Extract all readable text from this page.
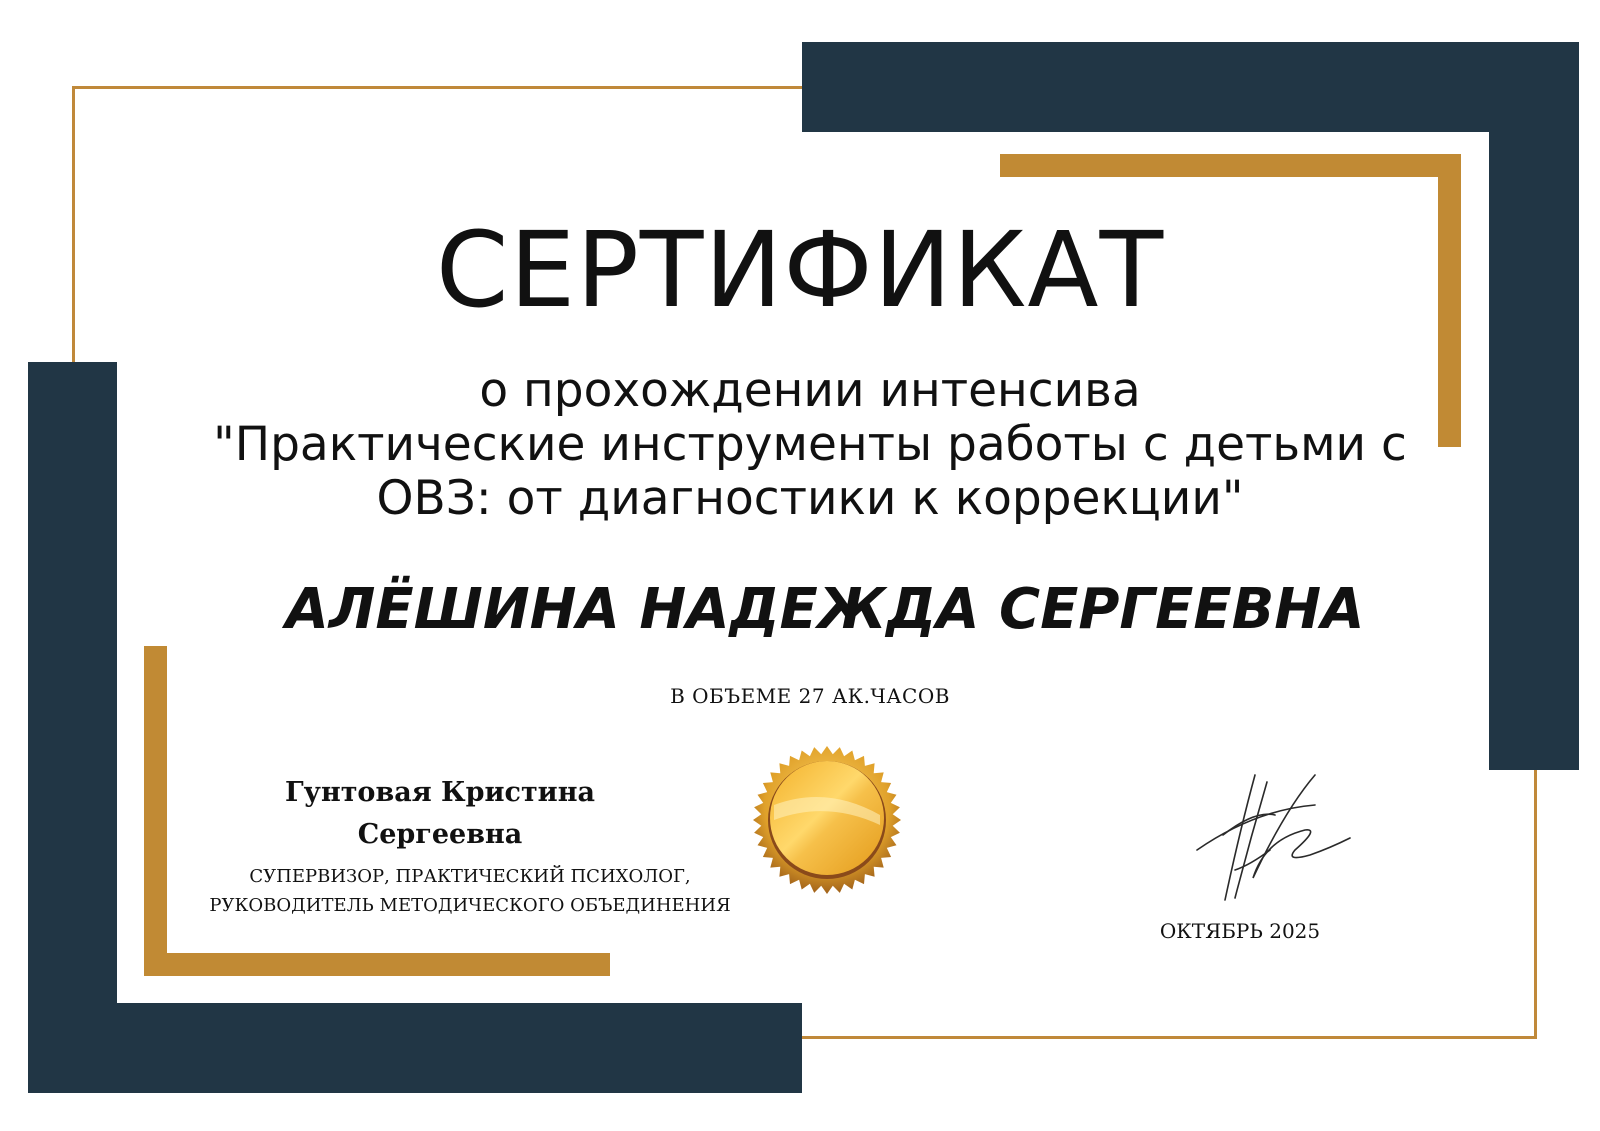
СЕРТИФИКАТ
о прохождении интенсива
"Практические инструменты работы с детьми с
ОВЗ: от диагностики к коррекции"
АЛЁШИНА НАДЕЖДА СЕРГЕЕВНА
В ОБЪЕМЕ 27 АК.ЧАСОВ
Гунтовая Кристина
Сергеевна
СУПЕРВИЗОР, ПРАКТИЧЕСКИЙ ПСИХОЛОГ,
РУКОВОДИТЕЛЬ МЕТОДИЧЕСКОГО ОБЪЕДИНЕНИЯ
ОКТЯБРЬ 2025
